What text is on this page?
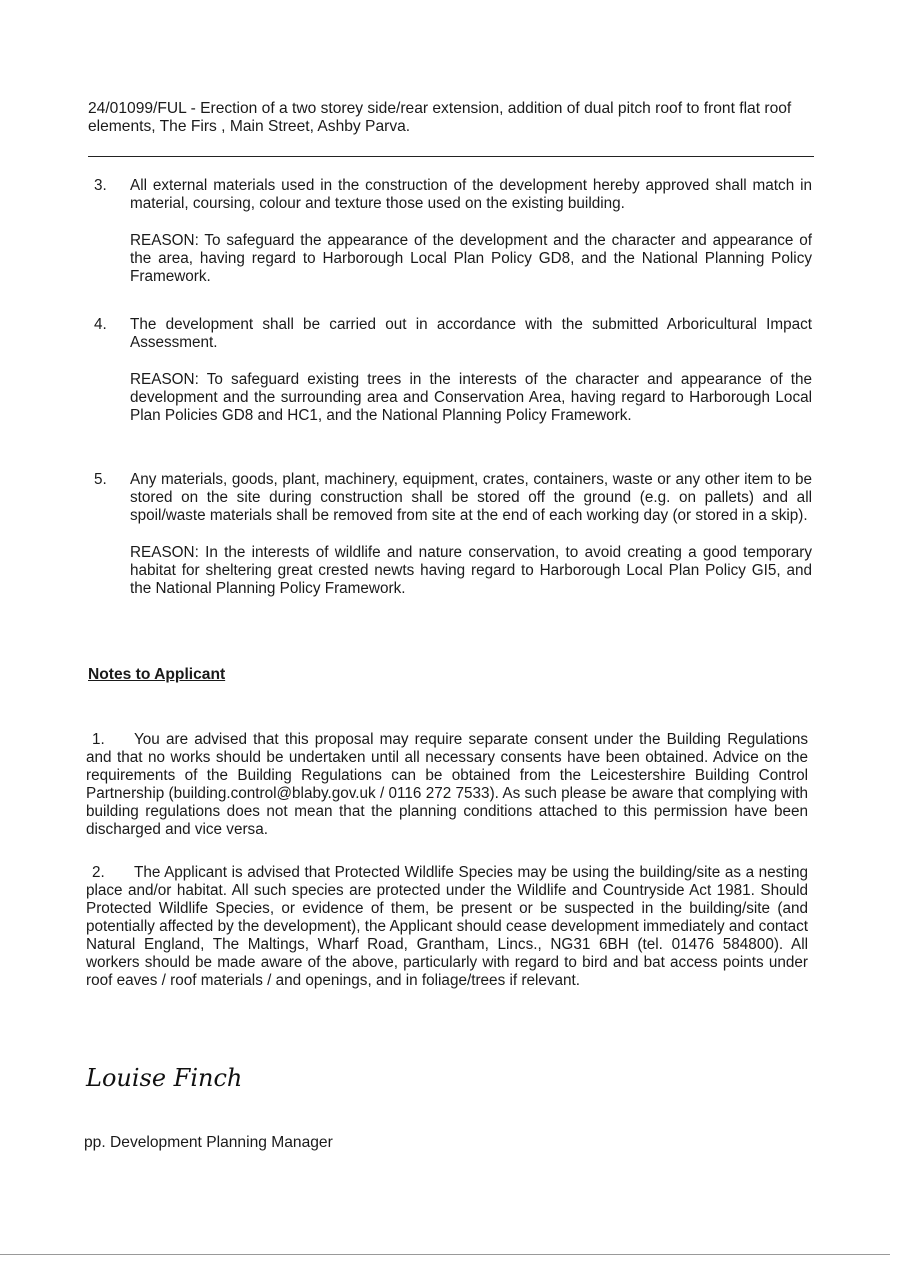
24/01099/FUL - Erection of a two storey side/rear extension, addition of dual pitch roof to front flat roof elements, The Firs , Main Street, Ashby Parva.
3.	All external materials used in the construction of the development hereby approved shall match in material, coursing, colour and texture those used on the existing building.
REASON: To safeguard the appearance of the development and the character and appearance of the area, having regard to Harborough Local Plan Policy GD8, and the National Planning Policy Framework.
4.	The development shall be carried out in accordance with the submitted Arboricultural Impact Assessment.
REASON: To safeguard existing trees in the interests of the character and appearance of the development and the surrounding area and Conservation Area, having regard to Harborough Local Plan Policies GD8 and HC1, and the National Planning Policy Framework.
5.	Any materials, goods, plant, machinery, equipment, crates, containers, waste or any other item to be stored on the site during construction shall be stored off the ground (e.g. on pallets) and all spoil/waste materials shall be removed from site at the end of each working day (or stored in a skip).
REASON: In the interests of wildlife and nature conservation, to avoid creating a good temporary habitat for sheltering great crested newts having regard to Harborough Local Plan Policy GI5, and the National Planning Policy Framework.
Notes to Applicant
1. You are advised that this proposal may require separate consent under the Building Regulations and that no works should be undertaken until all necessary consents have been obtained. Advice on the requirements of the Building Regulations can be obtained from the Leicestershire Building Control Partnership (building.control@blaby.gov.uk / 0116 272 7533). As such please be aware that complying with building regulations does not mean that the planning conditions attached to this permission have been discharged and vice versa.
2. The Applicant is advised that Protected Wildlife Species may be using the building/site as a nesting place and/or habitat. All such species are protected under the Wildlife and Countryside Act 1981. Should Protected Wildlife Species, or evidence of them, be present or be suspected in the building/site (and potentially affected by the development), the Applicant should cease development immediately and contact Natural England, The Maltings, Wharf Road, Grantham, Lincs., NG31 6BH (tel. 01476 584800). All workers should be made aware of the above, particularly with regard to bird and bat access points under roof eaves / roof materials / and openings, and in foliage/trees if relevant.
Louise Finch
pp. Development Planning Manager
